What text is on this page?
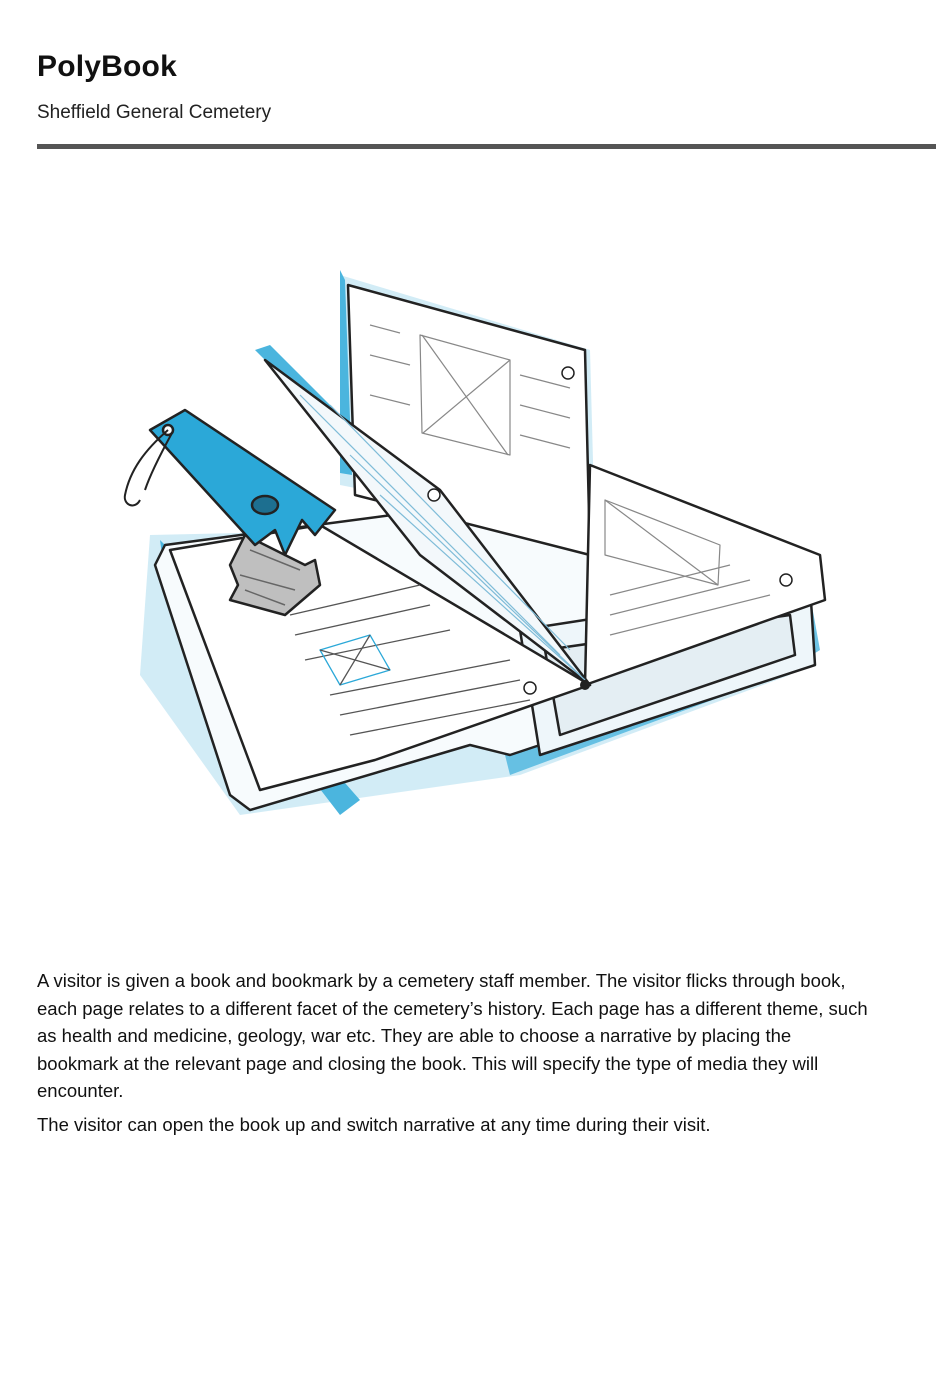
PolyBook

Sheffield General Cemetery

A visitor is given a book and bookmark by a cemetery staff member. The visitor flicks through book, each page relates to a different facet of the cemetery’s history. Each page has a different theme, such as health and medicine, geology, war etc. They are able to choose a narrative by placing the bookmark at the relevant page and closing the book. This will specify the type of media they will encounter.

The visitor can open the book up and switch narrative at any time during their visit.
